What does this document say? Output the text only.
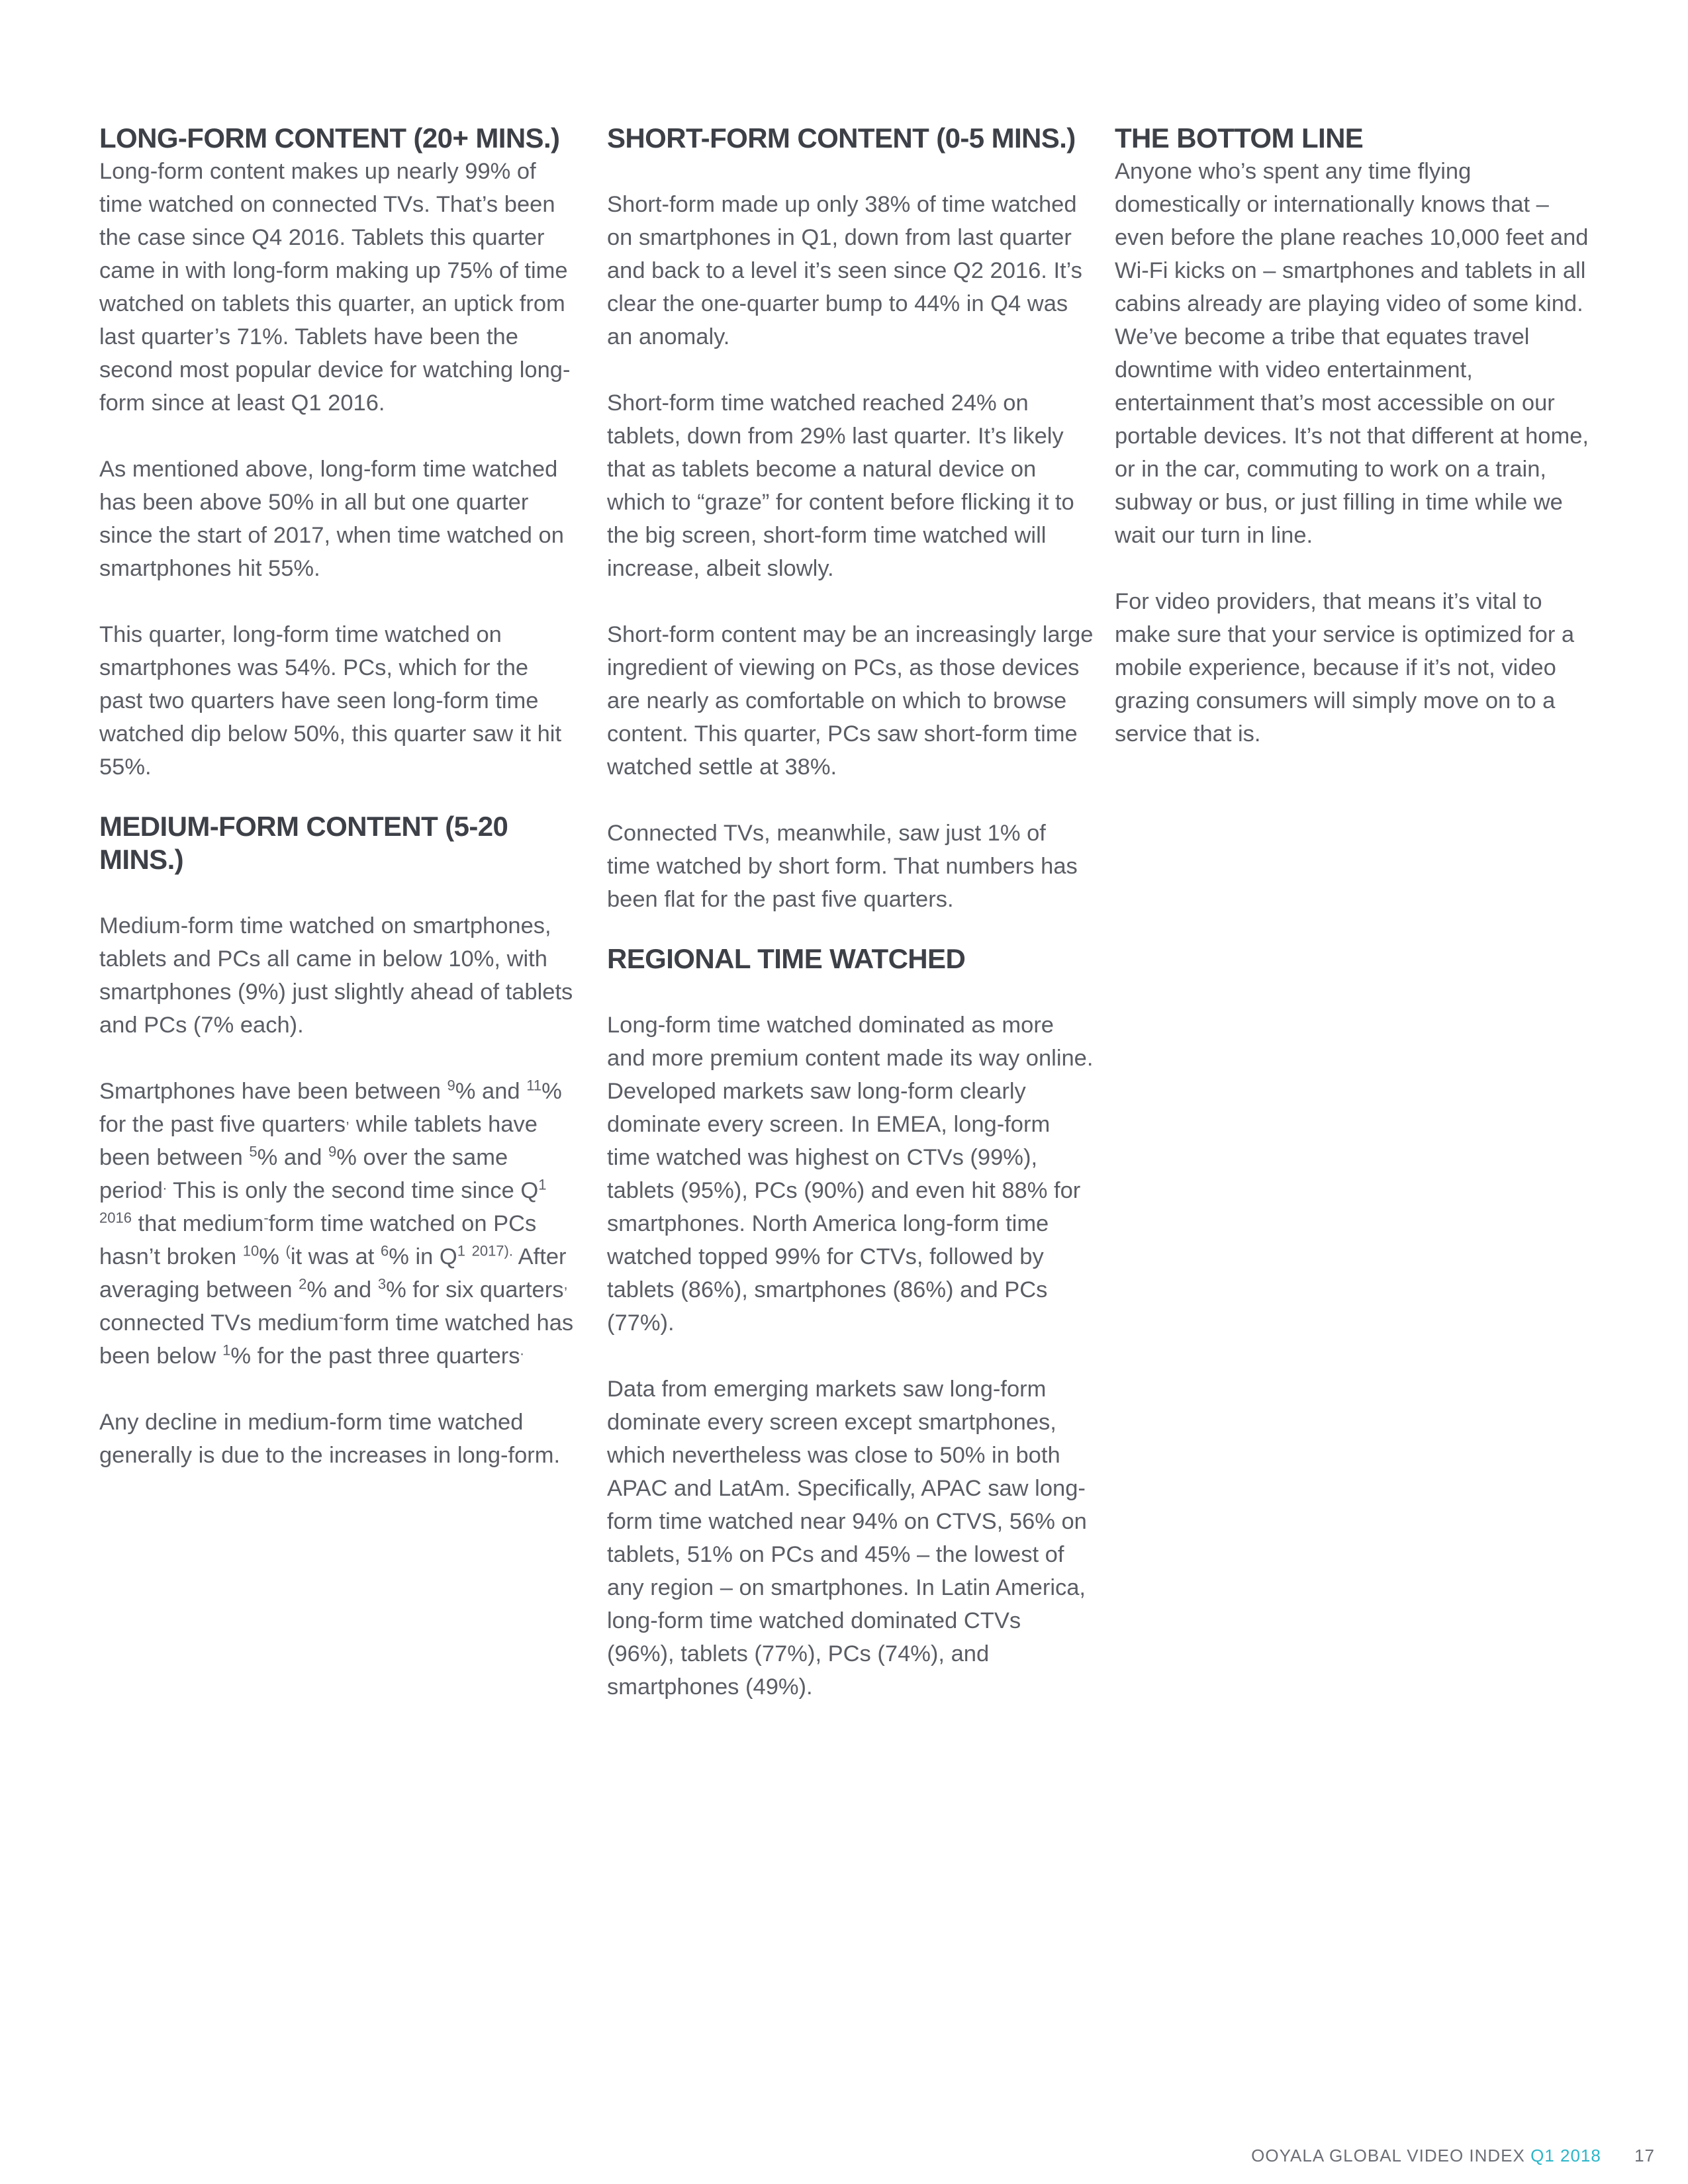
LONG-FORM CONTENT (20+ MINS.)

Long-form content makes up nearly 99% of time watched on connected TVs. That’s been the case since Q4 2016. Tablets this quarter came in with long-form making up 75% of time watched on tablets this quarter, an uptick from last quarter’s 71%. Tablets have been the second most popular device for watching long-form since at least Q1 2016.

As mentioned above, long-form time watched has been above 50% in all but one quarter since the start of 2017, when time watched on smartphones hit 55%.

This quarter, long-form time watched on smartphones was 54%. PCs, which for the past two quarters have seen long-form time watched dip below 50%, this quarter saw it hit 55%.

MEDIUM-FORM CONTENT (5-20 MINS.)

Medium-form time watched on smartphones, tablets and PCs all came in below 10%, with smartphones (9%) just slightly ahead of tablets and PCs (7% each).

Smartphones have been between $^9$% and $^{11}$% for the past five quarters, while tablets have been between $^5$% and $^9$% over the same period. This is only the second time since $Q^{1 2016}$ that medium-form time watched on PCs hasn’t broken $^{10}$% (it was at $^6$% in $Q^1$ $^{2017).}$ After averaging between $^2$% and $^3$% for six quarters, connected TVs medium-form time watched has been below $^1$% for the past three quarters.

Any decline in medium-form time watched generally is due to the increases in long-form.

SHORT-FORM CONTENT (0-5 MINS.)

Short-form made up only 38% of time watched on smartphones in Q1, down from last quarter and back to a level it’s seen since Q2 2016. It’s clear the one-quarter bump to 44% in Q4 was an anomaly.

Short-form time watched reached 24% on tablets, down from 29% last quarter. It’s likely that as tablets become a natural device on which to “graze” for content before flicking it to the big screen, short-form time watched will increase, albeit slowly.

Short-form content may be an increasingly large ingredient of viewing on PCs, as those devices are nearly as comfortable on which to browse content. This quarter, PCs saw short-form time watched settle at 38%.

Connected TVs, meanwhile, saw just 1% of time watched by short form. That numbers has been flat for the past five quarters.

REGIONAL TIME WATCHED

Long-form time watched dominated as more and more premium content made its way online. Developed markets saw long-form clearly dominate every screen. In EMEA, long-form time watched was highest on CTVs (99%), tablets (95%), PCs (90%) and even hit 88% for smartphones. North America long-form time watched topped 99% for CTVs, followed by tablets (86%), smartphones (86%) and PCs (77%).

Data from emerging markets saw long-form dominate every screen except smartphones, which nevertheless was close to 50% in both APAC and LatAm. Specifically, APAC saw long-form time watched near 94% on CTVS, 56% on tablets, 51% on PCs and 45% – the lowest of any region – on smartphones. In Latin America, long-form time watched dominated CTVs (96%), tablets (77%), PCs (74%), and smartphones (49%).

THE BOTTOM LINE

Anyone who’s spent any time flying domestically or internationally knows that – even before the plane reaches 10,000 feet and Wi-Fi kicks on – smartphones and tablets in all cabins already are playing video of some kind. We’ve become a tribe that equates travel downtime with video entertainment, entertainment that’s most accessible on our portable devices. It’s not that different at home, or in the car, commuting to work on a train, subway or bus, or just filling in time while we wait our turn in line.

For video providers, that means it’s vital to make sure that your service is optimized for a mobile experience, because if it’s not, video grazing consumers will simply move on to a service that is.

OOYALA GLOBAL VIDEO INDEX Q1 2018 17
